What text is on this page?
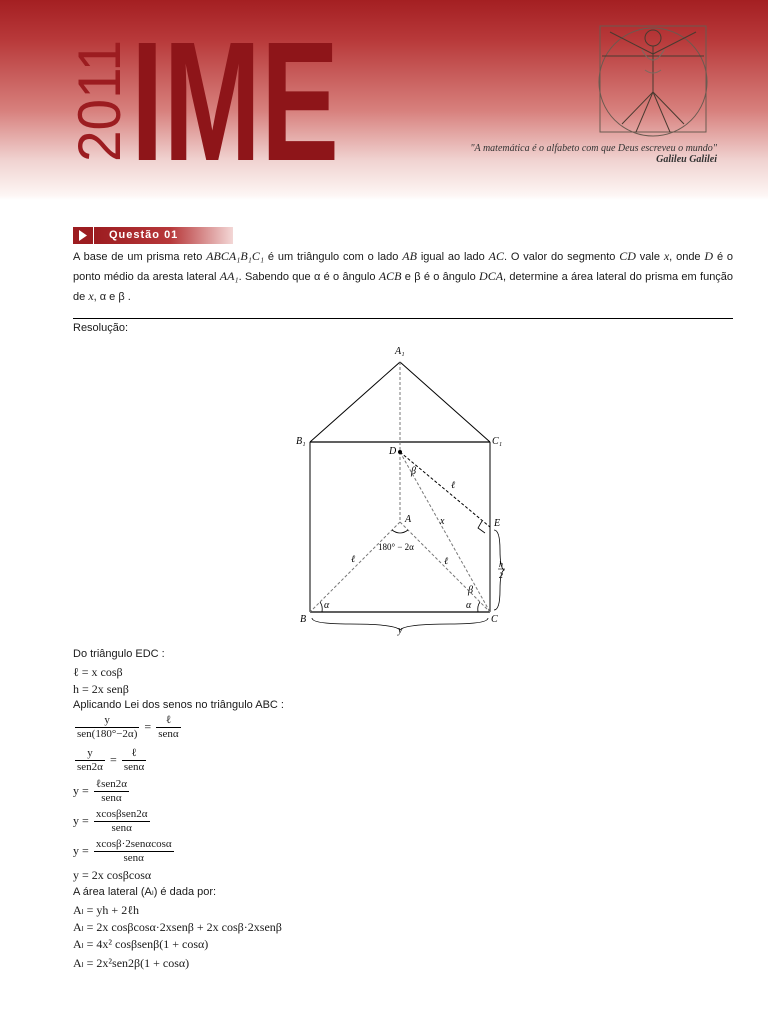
2011
IME	"A matemática é o alfabeto com que Deus escreveu o mundo"
Galileu Galilei
Questão 01
A base de um prisma reto ABCA₁B₁C₁ é um triângulo com o lado AB igual ao lado AC. O valor do segmento CD vale x, onde D é o ponto médio da aresta lateral AA₁. Sabendo que α é o ângulo ACB e β é o ângulo DCA, determine a área lateral do prisma em função de x, α e β .
Resolução:
A₁
B₁	C₁
D
β
ℓ
E
A	x
180° − 2α
ℓ	ℓ	h
2
β
α	α
B	C
y
Do triângulo EDC :
ℓ = x cosβ
h = 2x senβ
Aplicando Lei dos senos no triângulo ABC :
$\frac{y}{\text{sen(180°−2α)}} = \frac{\text{ℓ}}{\text{senα}}$
$\frac{y}{\text{sen2α}} = \frac{\text{ℓ}}{\text{senα}}$
$y = \frac{\text{ℓsen2α}}{\text{senα}}$
$y = \frac{\text{xcosβsen2α}}{\text{senα}}$
$y = \frac{\text{xcosβ·2senαcosα}}{\text{senα}}$
y = 2x cosβcosα
A área lateral (Aₗ) é dada por:
Aₗ = yh + 2ℓh
Aₗ = 2x cosβcosα·2xsenβ + 2x cosβ·2xsenβ
Aₗ = 4x² cosβsenβ(1 + cosα)
Aₗ = 2x²sen2β(1 + cosα)
